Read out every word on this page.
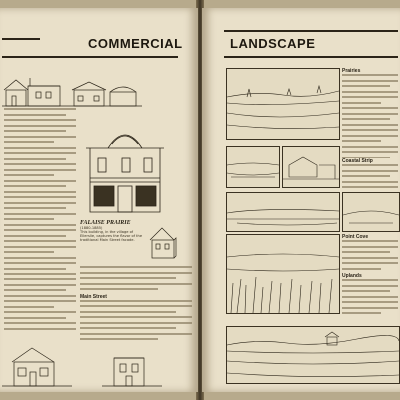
COMMERCIAL
FALAISE PRAIRIE
(1880-1885)
This building, in the village of Ellerslie, captures the flavor of the traditional Main Street facade.
Main Street
LANDSCAPE
Prairies
Coastal Strip
Point Cove
Uplands
